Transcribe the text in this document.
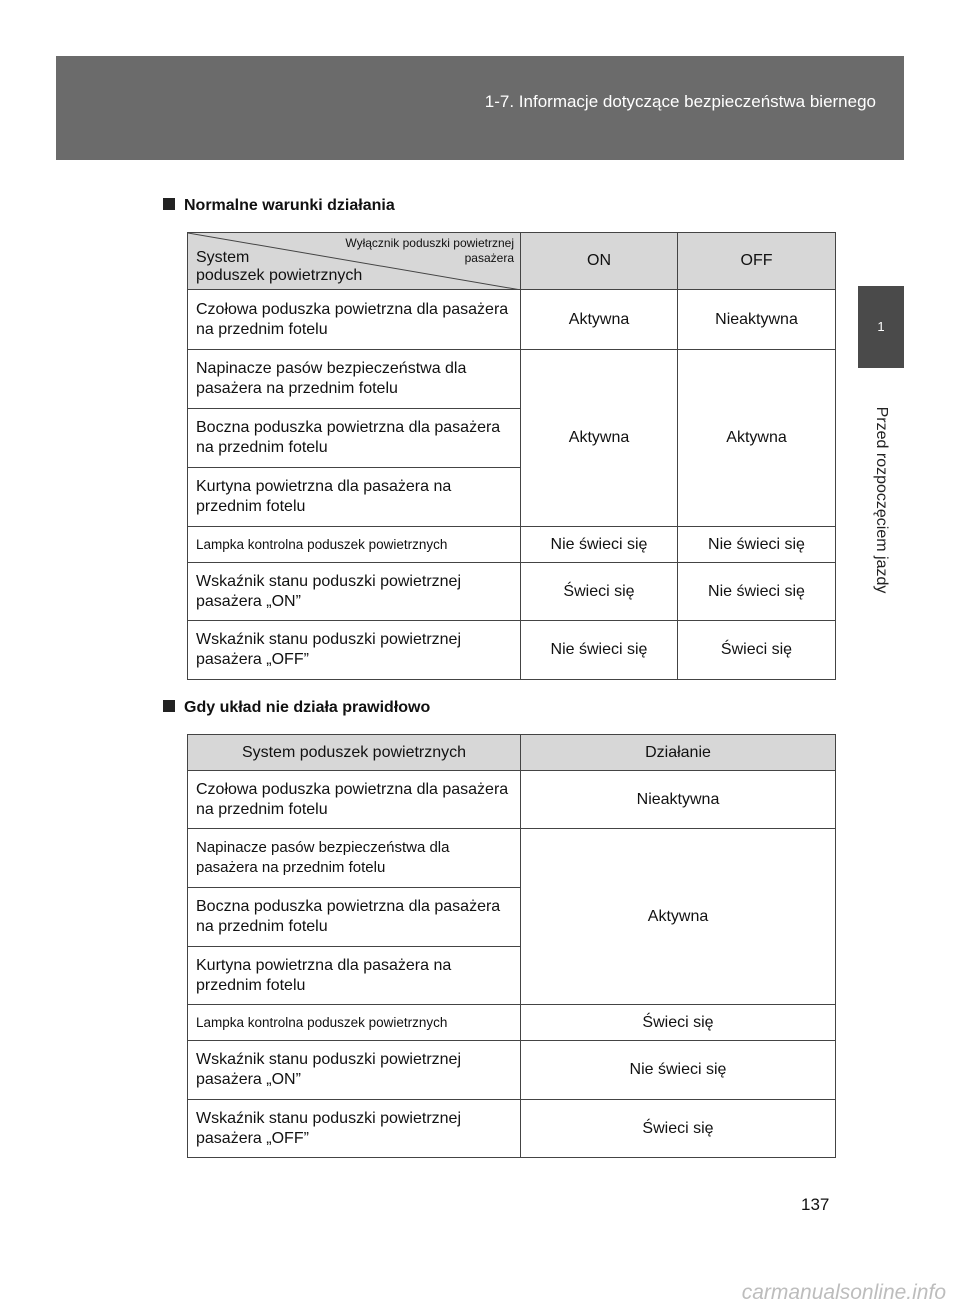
1-7. Informacje dotyczące bezpieczeństwa biernego
1
Przed rozpoczęciem jazdy
Normalne warunki działania
Wyłącznik poduszki powietrznej
pasażera
System
poduszek powietrznych	ON	OFF
Czołowa poduszka powietrzna dla pasażera na przednim fotelu	Aktywna	Nieaktywna
Napinacze pasów bezpieczeństwa dla pasażera na przednim fotelu	Aktywna	Aktywna
Boczna poduszka powietrzna dla pasażera na przednim fotelu		
Kurtyna powietrzna dla pasażera na przednim fotelu		
Lampka kontrolna poduszek powietrznych	Nie świeci się	Nie świeci się
Wskaźnik stanu poduszki powietrznej pasażera „ON”	Świeci się	Nie świeci się
Wskaźnik stanu poduszki powietrznej pasażera „OFF”	Nie świeci się	Świeci się
Gdy układ nie działa prawidłowo
System poduszek powietrznych	Działanie
Czołowa poduszka powietrzna dla pasażera na przednim fotelu	Nieaktywna
Napinacze pasów bezpieczeństwa dla pasażera na przednim fotelu	Aktywna
Boczna poduszka powietrzna dla pasażera na przednim fotelu	
Kurtyna powietrzna dla pasażera na przednim fotelu	
Lampka kontrolna poduszek powietrznych	Świeci się
Wskaźnik stanu poduszki powietrznej pasażera „ON”	Nie świeci się
Wskaźnik stanu poduszki powietrznej pasażera „OFF”	Świeci się
137
carmanualsonline.info
